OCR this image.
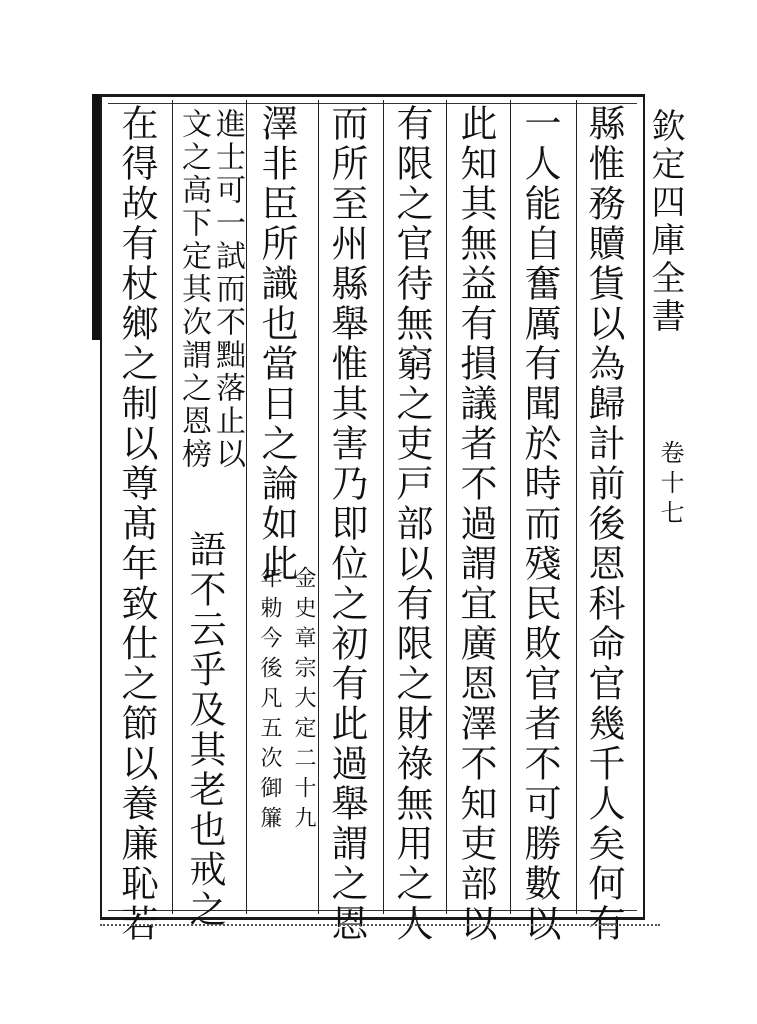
欽定四庫全書
卷十七
縣惟務贖貨以為歸計前後恩科命官幾千人矣何有
一人能自奮厲有聞於時而殘民敗官者不可勝數以
此知其無益有損議者不過謂宜廣恩澤不知吏部以
有限之官待無窮之吏戸部以有限之財祿無用之人
而所至州縣舉惟其害乃即位之初有此過舉謂之恩
澤非臣所識也當日之論如此
金史章宗大定二十九
年勅今後凡五次御簾
進士可一試而不黜落止以
文之高下定其次謂之恩榜
語不云乎及其老也戒之
在得故有杖鄉之制以尊髙年致仕之節以養廉恥若
